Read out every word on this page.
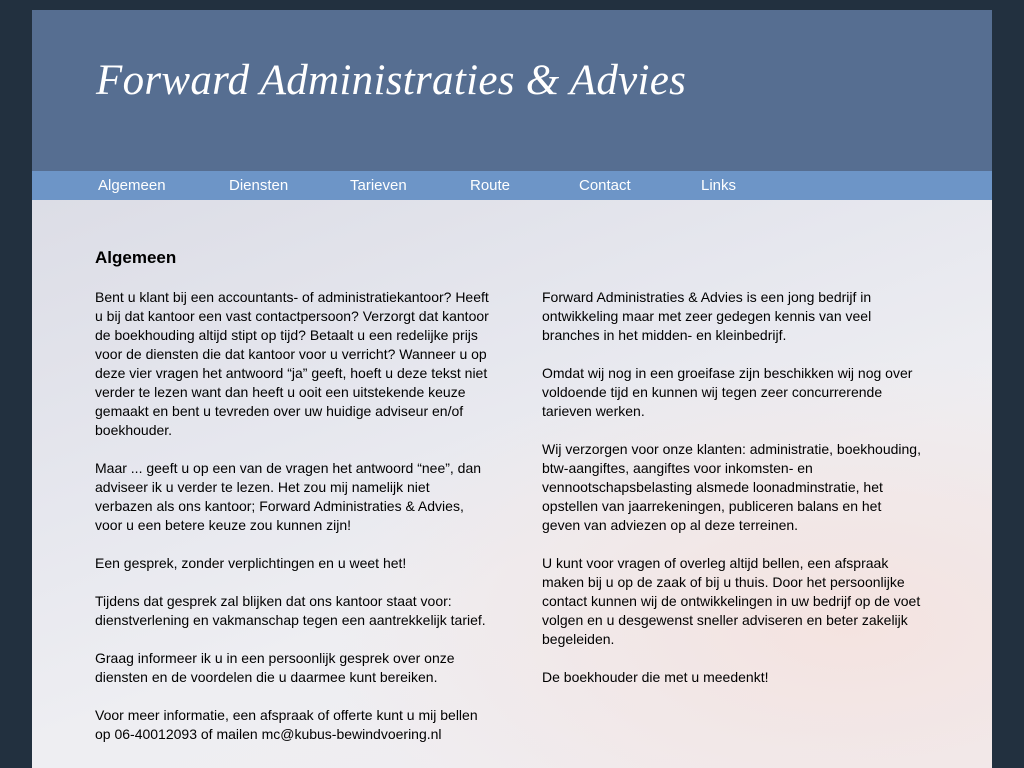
Forward Administraties & Advies
Algemeen	Diensten	Tarieven	Route	Contact	Links
Algemeen

Bent u klant bij een accountants- of administratiekantoor? Heeft u bij dat kantoor een vast contactpersoon? Verzorgt dat kantoor de boekhouding altijd stipt op tijd? Betaalt u een redelijke prijs voor de diensten die dat kantoor voor u verricht? Wanneer u op deze vier vragen het antwoord “ja” geeft, hoeft u deze tekst niet verder te lezen want dan heeft u ooit een uitstekende keuze gemaakt en bent u tevreden over uw huidige adviseur en/of boekhouder.

Maar ... geeft u op een van de vragen het antwoord “nee”, dan adviseer ik u verder te lezen. Het zou mij namelijk niet verbazen als ons kantoor; Forward Administraties & Advies, voor u een betere keuze zou kunnen zijn!

Een gesprek, zonder verplichtingen en u weet het!

Tijdens dat gesprek zal blijken dat ons kantoor staat voor: dienstverlening en vakmanschap tegen een aantrekkelijk tarief.

Graag informeer ik u in een persoonlijk gesprek over onze diensten en de voordelen die u daarmee kunt bereiken.

Voor meer informatie, een afspraak of offerte kunt u mij bellen op 06-40012093 of mailen mc@kubus-bewindvoering.nl

Forward Administraties & Advies is een jong bedrijf in ontwikkeling maar met zeer gedegen kennis van veel branches in het midden- en kleinbedrijf.

Omdat wij nog in een groeifase zijn beschikken wij nog over voldoende tijd en kunnen wij tegen zeer concurrerende tarieven werken.

Wij verzorgen voor onze klanten: administratie, boekhouding, btw-aangiftes, aangiftes voor inkomsten- en vennootschapsbelasting alsmede loonadminstratie, het opstellen van jaarrekeningen, publiceren balans en het geven van adviezen op al deze terreinen.

U kunt voor vragen of overleg altijd bellen, een afspraak maken bij u op de zaak of bij u thuis. Door het persoonlijke contact kunnen wij de ontwikkelingen in uw bedrijf op de voet volgen en u desgewenst sneller adviseren en beter zakelijk begeleiden.

De boekhouder die met u meedenkt!
